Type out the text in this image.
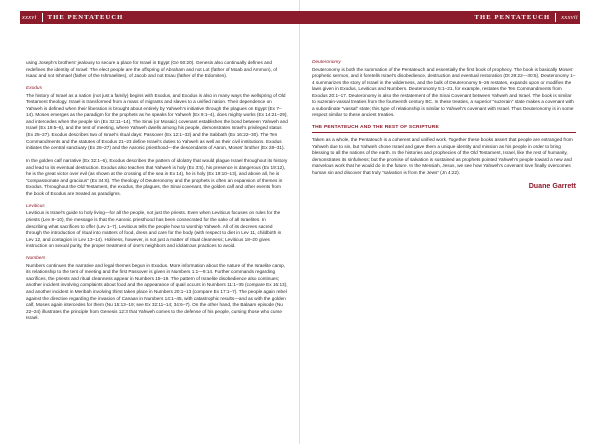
xxxvi THE PENTATEUCH

using Joseph’s brothers’ jealousy to secure a place for Israel in Egypt (Ge 50:20). Genesis also continually defines and redefines the identity of Israel: The elect people are the offspring of Abraham and not Lot (father of Moab and Ammon), of Isaac and not Ishmael (father of the Ishmaelites), of Jacob and not Esau (father of the Edomites).

Exodus

The history of Israel as a nation (not just a family) begins with Exodus, and Exodus is also in many ways the wellspring of Old Testament theology. Israel is transformed from a mass of migrants and slaves to a unified nation. Their dependence on Yahweh is defined when their liberation is brought about entirely by Yahweh’s initiative through the plagues on Egypt (Ex 7–14). Moses emerges as the paradigm for the prophets as he speaks for Yahweh (Ex 9:1–4), does mighty works (Ex 14:21–29), and intercedes when the people sin (Ex 32:11–14). The Sinai (or Mosaic) covenant establishes the bond between Yahweh and Israel (Ex 19:5–6), and the tent of meeting, where Yahweh dwells among his people, demonstrates Israel’s privileged status (Ex 25–27). Exodus describes two of Israel’s ritual days: Passover (Ex 12:1–32) and the Sabbath (Ex 16:22–30). The Ten Commandments and the statutes of Exodus 21–23 define Israel’s duties to Yahweh as well as their civil institutions. Exodus initiates the central sanctuary (Ex 25–27) and the Aaronic priesthood—the descendants of Aaron, Moses’ brother (Ex 28–31).

In the golden calf narrative (Ex 32:1–6), Exodus describes the pattern of idolatry that would plague Israel throughout its history and lead to its eventual destruction. Exodus also teaches that Yahweh is holy (Ex 3:5), his presence is dangerous (Ex 19:12), he is the great victor over evil (as shown at the crossing of the sea in Ex 14), he is holy (Ex 19:10–13), and above all, he is “compassionate and gracious” (Ex 34:6). The theology of Deuteronomy and the prophets is often an expansion of themes in Exodus. Throughout the Old Testament, the exodus, the plagues, the Sinai covenant, the golden calf and other events from the book of Exodus are treated as paradigms.

Leviticus

Leviticus is Israel’s guide to holy living—for all the people, not just the priests. Even when Leviticus focuses on rules for the priests (Lev 8–10), the message is that the Aaronic priesthood has been consecrated for the sake of all Israelites. In describing what sacrifices to offer (Lev 1–7), Leviticus tells the people how to worship Yahweh. All of its decrees sacred through the introduction of ritual into matters of food, dress and care for the body (with respect to diet in Lev 11, childbirth in Lev 12, and contagion in Lev 13–14). Holiness, however, is not just a matter of ritual cleanness; Leviticus 18–20 gives instruction on sexual purity, the proper treatment of one’s neighbors and idolatrous practices to avoid.

Numbers

Numbers continues the narrative and legal themes begun in Exodus. More information about the nature of the Israelite camp, its relationship to the tent of meeting and the first Passover is given in Numbers 1:1—9:14. Further commands regarding sacrifices, the priests and ritual cleanness appear in Numbers 15–19. The pattern of Israelite disobedience also continues; another incident involving complaints about food and the appearance of quail occurs in Numbers 11:1–35 (compare Ex 16:13), and another incident in Meribah involving thirst takes place in Numbers 20:1–13 (compare Ex 17:1–7). The people again rebel against the directive regarding the invasion of Canaan in Numbers 14:1–45, with catastrophic results—and as with the golden calf, Moses again intercedes for them (Nu 15:13–19; see Ex 32:11–14; 34:6–7). On the other hand, the Balaam episode (Nu 22–24) illustrates the principle from Genesis 12:3 that Yahweh comes to the defense of his people, cursing those who curse Israel.

THE PENTATEUCH xxxvii
Deuteronomy

Deuteronomy is both the summation of the Pentateuch and essentially the first book of prophecy. The book is basically Moses’ prophetic sermon, and it foretells Israel’s disobedience, destruction and eventual restoration (Dt 29:22—30:5). Deuteronomy 1–4 summarizes the story of Israel in the wilderness, and the bulk of Deuteronomy 5–26 restates, expands upon or modifies the laws given in Exodus, Leviticus and Numbers. Deuteronomy 5:1–21, for example, restates the Ten Commandments from Exodus 20:1–17. Deuteronomy is also the restatement of the Sinai Covenant between Yahweh and Israel. The book is similar to suzerain-vassal treaties from the fourteenth century BC. In these treaties, a superior “suzerain” state makes a covenant with a subordinate “vassal” state; this type of relationship is similar to Yahweh’s covenant with Israel. Thus Deuteronomy is in some respect similar to these ancient treaties.

THE PENTATEUCH AND THE REST OF SCRIPTURE

Taken as a whole, the Pentateuch is a coherent and unified work. Together these books assert that people are estranged from Yahweh due to sin, but Yahweh chose Israel and gave them a unique identity and mission as his people in order to bring blessing to all the nations of the earth. In the histories and prophecies of the Old Testament, Israel, like the rest of humanity, demonstrates its sinfulness; but the promise of salvation is sustained as prophets pointed Yahweh’s people toward a new and marvelous work that he would do in the future. In the Messiah, Jesus, we see how Yahweh’s covenant love finally overcomes human sin and discover that truly “salvation is from the Jews” (Jn 4:22).

Duane Garrett
